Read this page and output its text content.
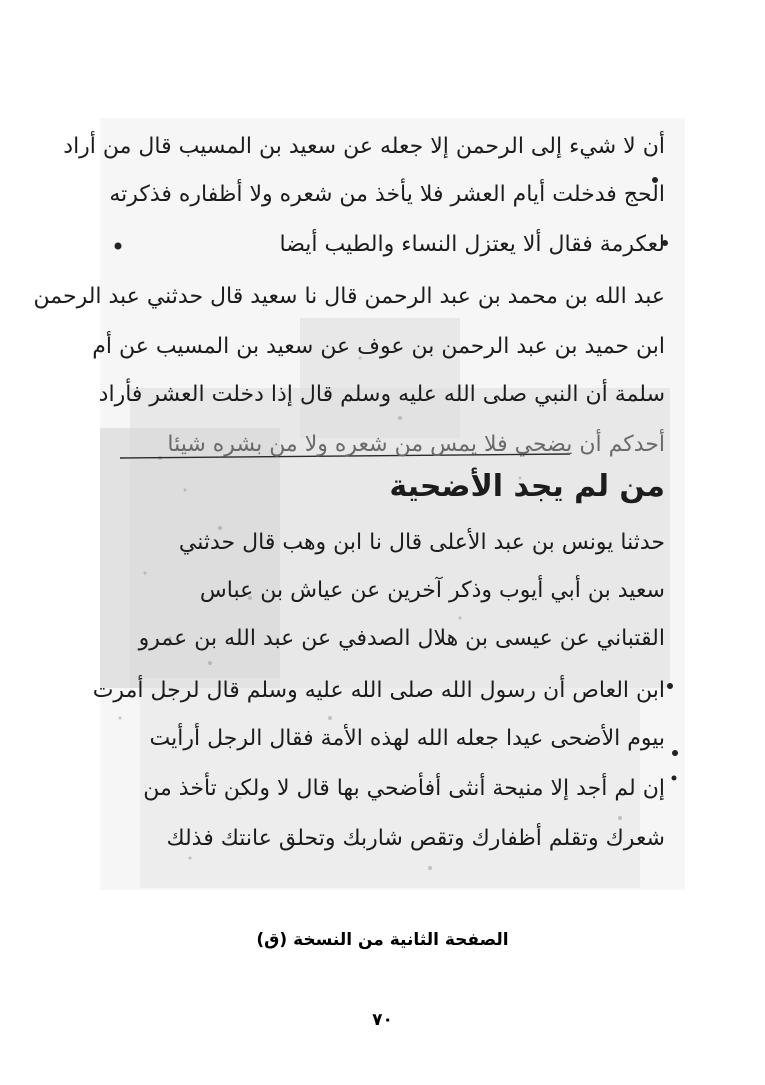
أن لا شيء إلى الرحمن إلا جعله عن سعيد بن المسيب قال من أراد
الحج فدخلت أيام العشر فلا يأخذ من شعره ولا أظفاره فذكرته
لعكرمة فقال ألا يعتزل النساء والطيب أيضا
عبد الله بن محمد بن عبد الرحمن قال نا سعيد قال حدثني عبد الرحمن
ابن حميد بن عبد الرحمن بن عوف عن سعيد بن المسيب عن أم
سلمة أن النبي صلى الله عليه وسلم قال إذا دخلت العشر فأراد
أحدكم أن يضحي فلا يمس من شعره ولا من بشره شيئا
من لم يجد الأضحية
حدثنا يونس بن عبد الأعلى قال نا ابن وهب قال حدثني
سعيد بن أبي أيوب وذكر آخرين عن عياش بن عباس
القتباني عن عيسى بن هلال الصدفي عن عبد الله بن عمرو
ابن العاص أن رسول الله صلى الله عليه وسلم قال لرجل أمرت
بيوم الأضحى عيدا جعله الله لهذه الأمة فقال الرجل أرأيت
إن لم أجد إلا منيحة أنثى أفأضحي بها قال لا ولكن تأخذ من
شعرك وتقلم أظفارك وتقص شاربك وتحلق عانتك فذلك
الصفحة الثانية من النسخة (ق)
٧٠
